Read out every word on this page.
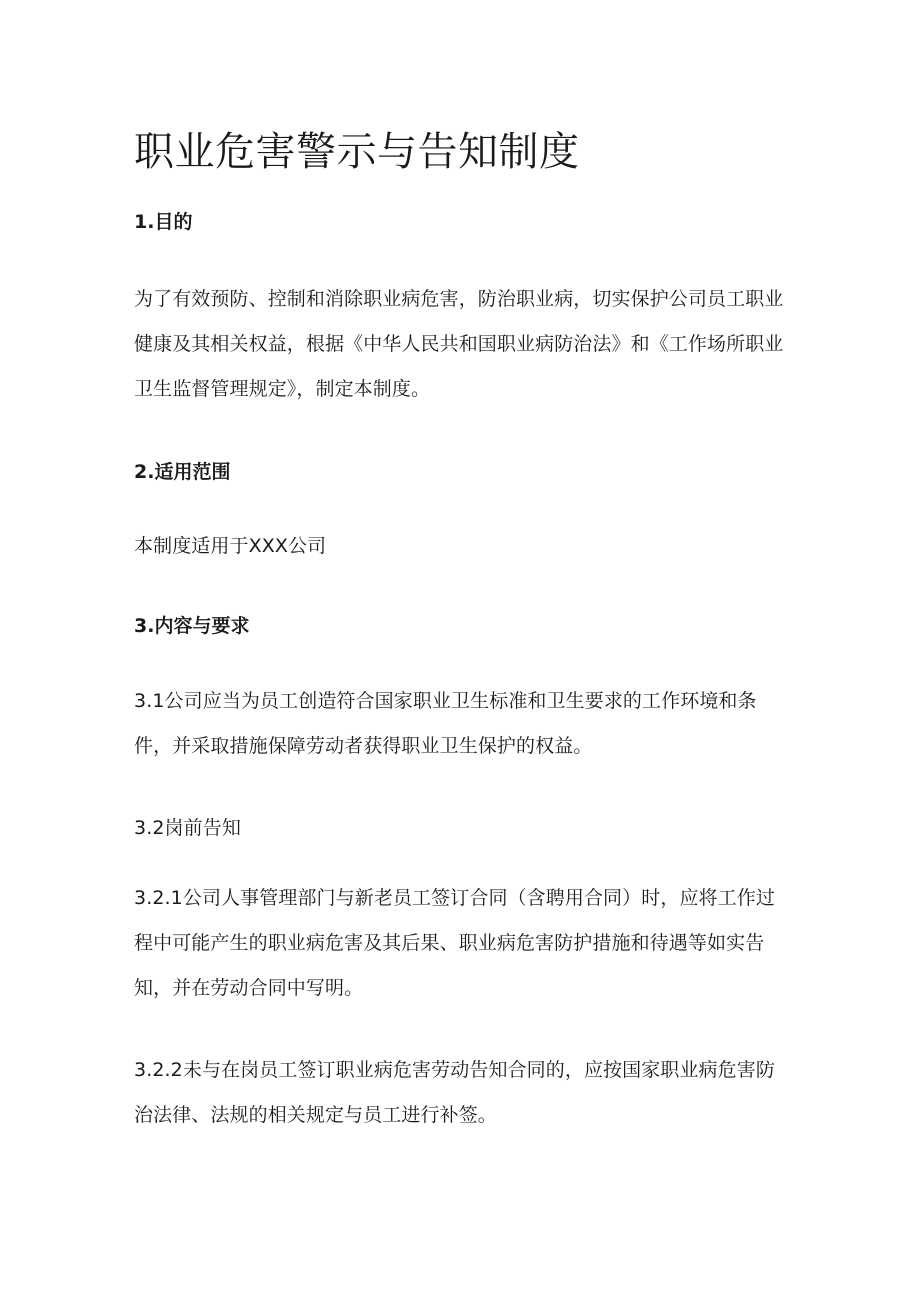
职业危害警示与告知制度
1.目的

为了有效预防、控制和消除职业病危害，防治职业病，切实保护公司员工职业健康及其相关权益，根据《中华人民共和国职业病防治法》和《工作场所职业卫生监督管理规定》，制定本制度。

2.适用范围

本制度适用于XXX公司

3.内容与要求

3.1公司应当为员工创造符合国家职业卫生标准和卫生要求的工作环境和条件，并采取措施保障劳动者获得职业卫生保护的权益。

3.2岗前告知

3.2.1公司人事管理部门与新老员工签订合同（含聘用合同）时，应将工作过程中可能产生的职业病危害及其后果、职业病危害防护措施和待遇等如实告知，并在劳动合同中写明。

3.2.2未与在岗员工签订职业病危害劳动告知合同的，应按国家职业病危害防治法律、法规的相关规定与员工进行补签。
